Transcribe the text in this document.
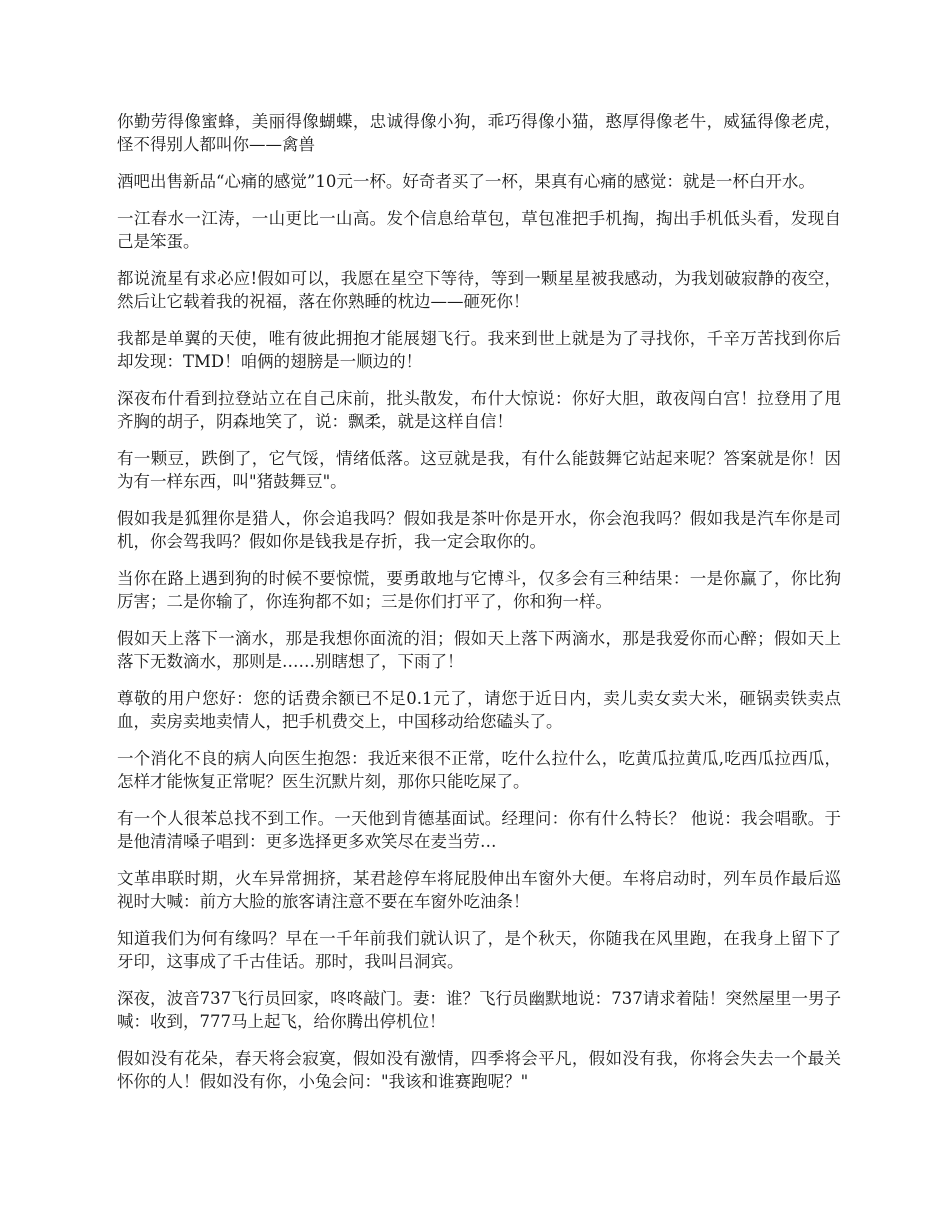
你勤劳得像蜜蜂，美丽得像蝴蝶，忠诚得像小狗，乖巧得像小猫，憨厚得像老牛，威猛得像老虎，怪不得别人都叫你——禽兽

酒吧出售新品“心痛的感觉”10元一杯。好奇者买了一杯，果真有心痛的感觉：就是一杯白开水。

一江春水一江涛，一山更比一山高。发个信息给草包，草包准把手机掏，掏出手机低头看，发现自己是笨蛋。

都说流星有求必应!假如可以，我愿在星空下等待，等到一颗星星被我感动，为我划破寂静的夜空，然后让它载着我的祝福，落在你熟睡的枕边——砸死你！

我都是单翼的天使，唯有彼此拥抱才能展翅飞行。我来到世上就是为了寻找你，千辛万苦找到你后却发现：TMD！咱俩的翅膀是一顺边的！

深夜布什看到拉登站立在自己床前，批头散发，布什大惊说：你好大胆，敢夜闯白宫！拉登用了甩齐胸的胡子，阴森地笑了，说：飘柔，就是这样自信！

有一颗豆，跌倒了，它气馁，情绪低落。这豆就是我，有什么能鼓舞它站起来呢？答案就是你！因为有一样东西，叫"猪鼓舞豆"。

假如我是狐狸你是猎人，你会追我吗？假如我是茶叶你是开水，你会泡我吗？假如我是汽车你是司机，你会驾我吗？假如你是钱我是存折，我一定会取你的。

当你在路上遇到狗的时候不要惊慌，要勇敢地与它博斗，仅多会有三种结果：一是你赢了，你比狗厉害；二是你输了，你连狗都不如；三是你们打平了，你和狗一样。

假如天上落下一滴水，那是我想你面流的泪；假如天上落下两滴水，那是我爱你而心醉；假如天上落下无数滴水，那则是……别瞎想了，下雨了！

尊敬的用户您好：您的话费余额已不足0.1元了，请您于近日内，卖儿卖女卖大米，砸锅卖铁卖点血，卖房卖地卖情人，把手机费交上，中国移动给您磕头了。

一个消化不良的病人向医生抱怨：我近来很不正常，吃什么拉什么，吃黄瓜拉黄瓜,吃西瓜拉西瓜，怎样才能恢复正常呢？医生沉默片刻，那你只能吃屎了。

有一个人很苯总找不到工作。一天他到肯德基面试。经理问：你有什么特长？ 他说：我会唱歌。于是他清清嗓子唱到：更多选择更多欢笑尽在麦当劳…

文革串联时期，火车异常拥挤，某君趁停车将屁股伸出车窗外大便。车将启动时，列车员作最后巡视时大喊：前方大脸的旅客请注意不要在车窗外吃油条！

知道我们为何有缘吗？早在一千年前我们就认识了，是个秋天，你随我在风里跑，在我身上留下了牙印，这事成了千古佳话。那时，我叫吕洞宾。

深夜，波音737飞行员回家，咚咚敲门。妻：谁？飞行员幽默地说：737请求着陆！突然屋里一男子喊：收到，777马上起飞，给你腾出停机位！

假如没有花朵，春天将会寂寞，假如没有激情，四季将会平凡，假如没有我，你将会失去一个最关怀你的人！假如没有你，小兔会问："我该和谁赛跑呢？"
